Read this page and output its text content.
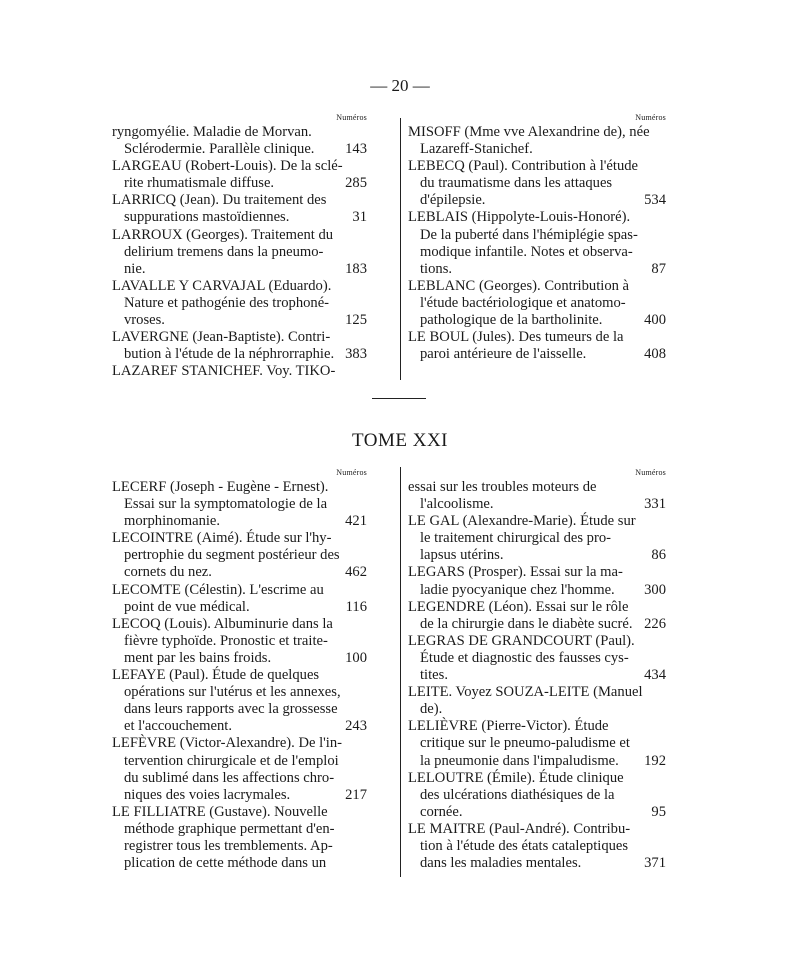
— 20 —
Numéros
ryngomyélie. Maladie de Morvan.
Sclérodermie. Parallèle clinique.	143
LARGEAU (Robert-Louis). De la sclé-
rite rhumatismale diffuse.	285
LARRICQ (Jean). Du traitement des
suppurations mastoïdiennes.	31
LARROUX (Georges). Traitement du
delirium tremens dans la pneumo-
nie.	183
LAVALLE Y CARVAJAL (Eduardo).
Nature et pathogénie des trophoné-
vroses.	125
LAVERGNE (Jean-Baptiste). Contri-
bution à l'étude de la néphrorraphie. 383
LAZAREF STANICHEF. Voy. TIKO-
Numéros
MISOFF (Mme vve Alexandrine de), née
Lazareff-Stanichef.
LEBECQ (Paul). Contribution à l'étude
du traumatisme dans les attaques
d'épilepsie.	534
LEBLAIS (Hippolyte-Louis-Honoré).
De la puberté dans l'hémiplégie spas-
modique infantile. Notes et observa-
tions.	87
LEBLANC (Georges). Contribution à
l'étude bactériologique et anatomo-
pathologique de la bartholinite.	400
LE BOUL (Jules). Des tumeurs de la
paroi antérieure de l'aisselle.	408
TOME XXI
Numéros
LECERF (Joseph - Eugène - Ernest).
Essai sur la symptomatologie de la
morphinomanie.	421
LECOINTRE (Aimé). Étude sur l'hy-
pertrophie du segment postérieur des
cornets du nez.	462
LECOMTE (Célestin). L'escrime au
point de vue médical.	116
LECOQ (Louis). Albuminurie dans la
fièvre typhoïde. Pronostic et traite-
ment par les bains froids.	100
LEFAYE (Paul). Étude de quelques
opérations sur l'utérus et les annexes,
dans leurs rapports avec la grossesse
et l'accouchement.	243
LEFÈVRE (Victor-Alexandre). De l'in-
tervention chirurgicale et de l'emploi
du sublimé dans les affections chro-
niques des voies lacrymales.	217
LE FILLIATRE (Gustave). Nouvelle
méthode graphique permettant d'en-
registrer tous les tremblements. Ap-
plication de cette méthode dans un
Numéros
essai sur les troubles moteurs de
l'alcoolisme.	331
LE GAL (Alexandre-Marie). Étude sur
le traitement chirurgical des pro-
lapsus utérins.	86
LEGARS (Prosper). Essai sur la ma-
ladie pyocyanique chez l'homme.	300
LEGENDRE (Léon). Essai sur le rôle
de la chirurgie dans le diabète sucré. 226
LEGRAS DE GRANDCOURT (Paul).
Étude et diagnostic des fausses cys-
tites.	434
LEITE. Voyez SOUZA-LEITE (Manuel
de).
LELIÈVRE (Pierre-Victor). Étude
critique sur le pneumo-paludisme et
la pneumonie dans l'impaludisme.	192
LELOUTRE (Émile). Étude clinique
des ulcérations diathésiques de la
cornée.	95
LE MAITRE (Paul-André). Contribu-
tion à l'étude des états cataleptiques
dans les maladies mentales.	371
